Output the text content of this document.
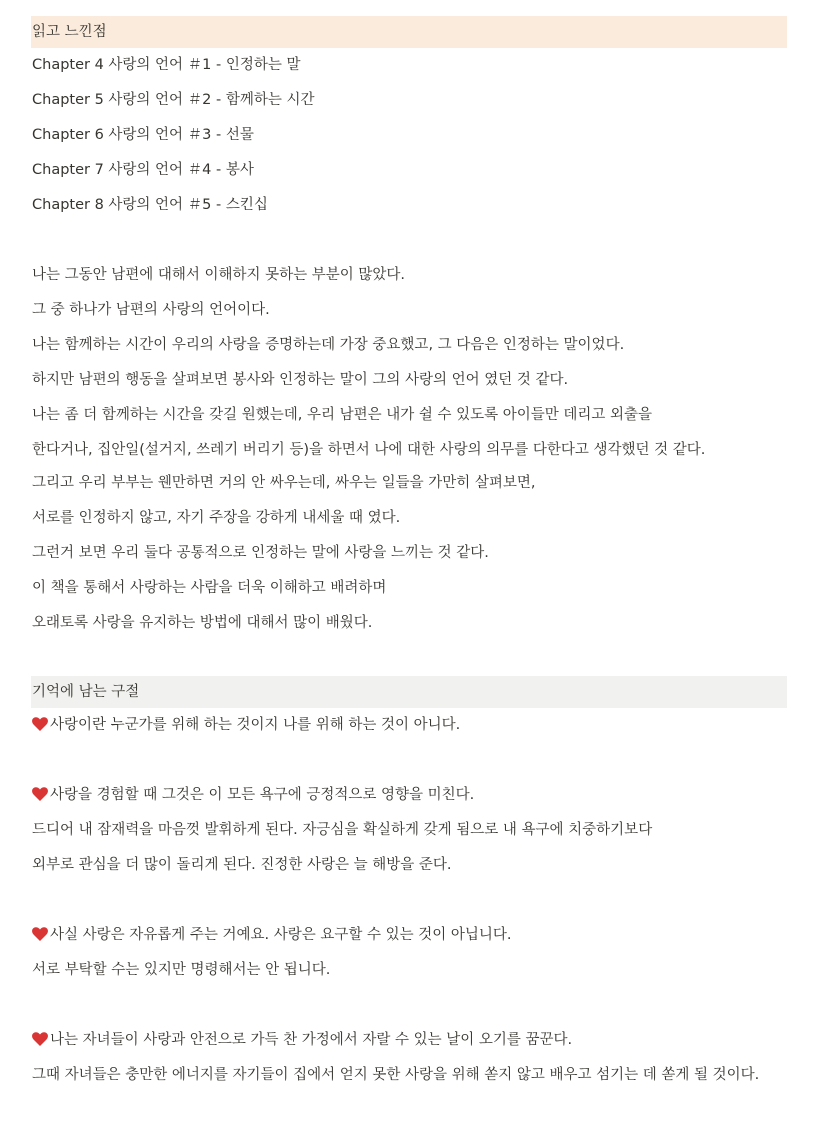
읽고 느낀점
Chapter 4 사랑의 언어 ＃1 - 인정하는 말
Chapter 5 사랑의 언어 ＃2 - 함께하는 시간
Chapter 6 사랑의 언어 ＃3 - 선물
Chapter 7 사랑의 언어 ＃4 - 봉사
Chapter 8 사랑의 언어 ＃5 - 스킨십
나는 그동안 남편에 대해서 이해하지 못하는 부분이 많았다.
그 중 하나가 남편의 사랑의 언어이다.
나는 함께하는 시간이 우리의 사랑을 증명하는데 가장 중요했고, 그 다음은 인정하는 말이었다.
하지만 남편의 행동을 살펴보면 봉사와 인정하는 말이 그의 사랑의 언어 였던 것 같다.
나는 좀 더 함께하는 시간을 갖길 원했는데, 우리 남편은 내가 쉴 수 있도록 아이들만 데리고 외출을
한다거나, 집안일(설거지, 쓰레기 버리기 등)을 하면서 나에 대한 사랑의 의무를 다한다고 생각했던 것 같다.
그리고 우리 부부는 웬만하면 거의 안 싸우는데, 싸우는 일들을 가만히 살펴보면,
서로를 인정하지 않고, 자기 주장을 강하게 내세울 때 였다.
그런거 보면 우리 둘다 공통적으로 인정하는 말에 사랑을 느끼는 것 같다.
이 책을 통해서 사랑하는 사람을 더욱 이해하고 배려하며
오래토록 사랑을 유지하는 방법에 대해서 많이 배웠다.
기억에 남는 구절
사랑이란 누군가를 위해 하는 것이지 나를 위해 하는 것이 아니다.
사랑을 경험할 때 그것은 이 모든 욕구에 긍정적으로 영향을 미친다.
드디어 내 잠재력을 마음껏 발휘하게 된다. 자긍심을 확실하게 갖게 됨으로 내 욕구에 치중하기보다
외부로 관심을 더 많이 돌리게 된다. 진정한 사랑은 늘 해방을 준다.
사실 사랑은 자유롭게 주는 거예요. 사랑은 요구할 수 있는 것이 아닙니다.
서로 부탁할 수는 있지만 명령해서는 안 됩니다.
나는 자녀들이 사랑과 안전으로 가득 찬 가정에서 자랄 수 있는 날이 오기를 꿈꾼다.
그때 자녀들은 충만한 에너지를 자기들이 집에서 얻지 못한 사랑을 위해 쏟지 않고 배우고 섬기는 데 쏟게 될 것이다.
